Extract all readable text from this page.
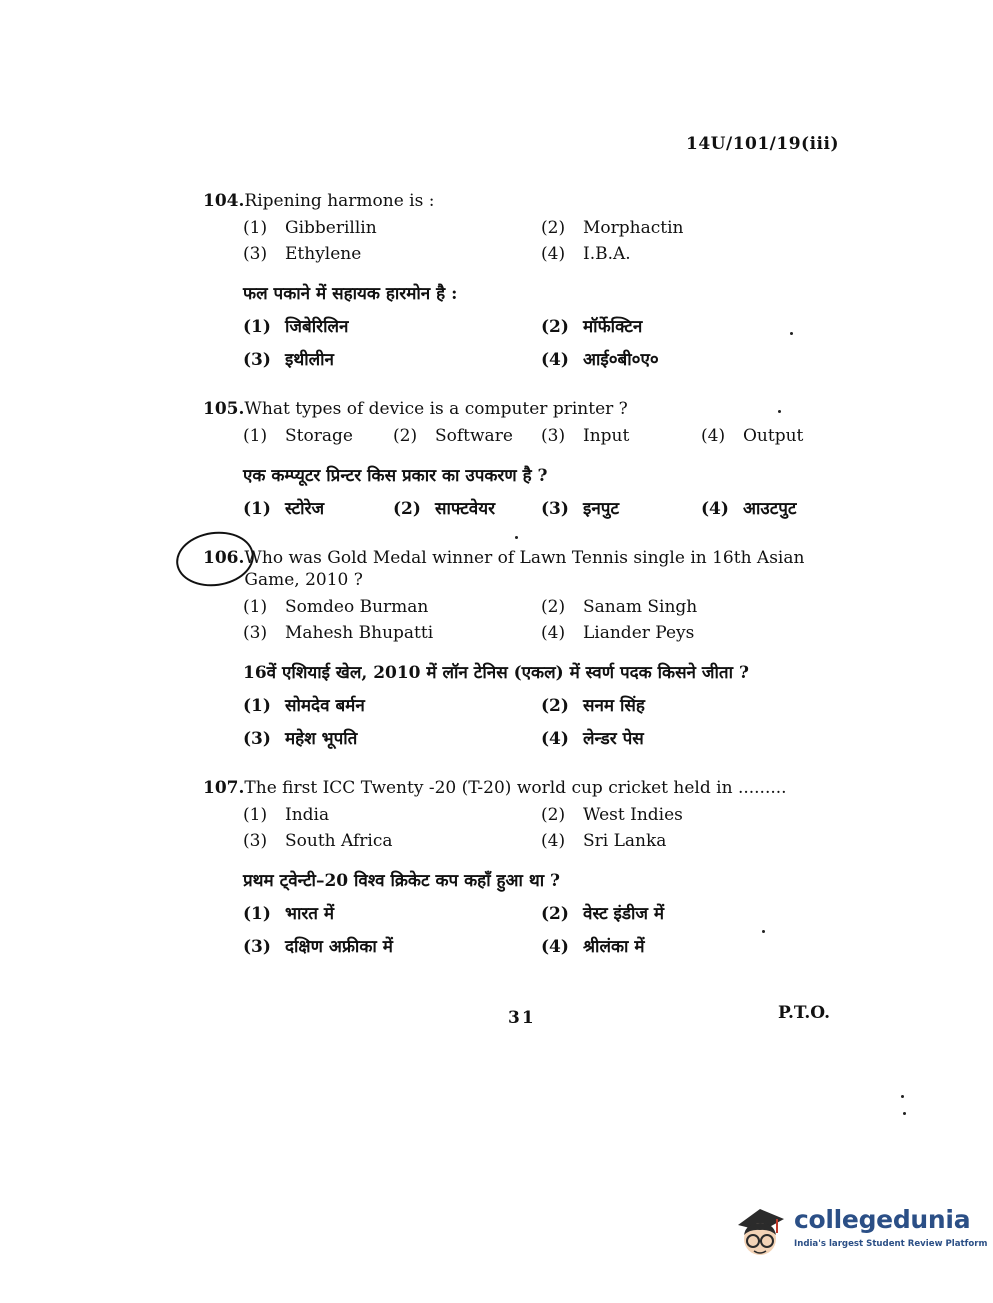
14U/101/19(iii)
104. Ripening harmone is :
(1) Gibberillin	(2) Morphactin
(3) Ethylene	(4) I.B.A.
फल पकाने में सहायक हारमोन है :
(1) जिबेरिलिन	(2) मॉर्फेक्टिन
(3) इथीलीन	(4) आई०बी०ए०
105. What types of device is a computer printer ?
(1) Storage (2) Software (3) Input	(4) Output
एक कम्प्यूटर प्रिन्टर किस प्रकार का उपकरण है ?
(1) स्टोरेज	(2) साफ्टवेयर	(3) इनपुट	(4) आउटपुट
106. Who was Gold Medal winner of Lawn Tennis single in 16th Asian Game, 2010 ?
(1) Somdeo Burman	(2) Sanam Singh
(3) Mahesh Bhupatti	(4) Liander Peys
16वें एशियाई खेल, 2010 में लॉन टेनिस (एकल) में स्वर्ण पदक किसने जीता ?
(1) सोमदेव बर्मन	(2) सनम सिंह
(3) महेश भूपति	(4) लेन्डर पेस
107. The first ICC Twenty -20 (T-20) world cup cricket held in .........
(1) India	(2) West Indies
(3) South Africa	(4) Sri Lanka
प्रथम ट्वेन्टी–20 विश्व क्रिकेट कप कहाँ हुआ था ?
(1) भारत में	(2) वेस्ट इंडीज में
(3) दक्षिण अफ्रीका में	(4) श्रीलंका में
31	P.T.O.
collegedunia
India's largest Student Review Platform
